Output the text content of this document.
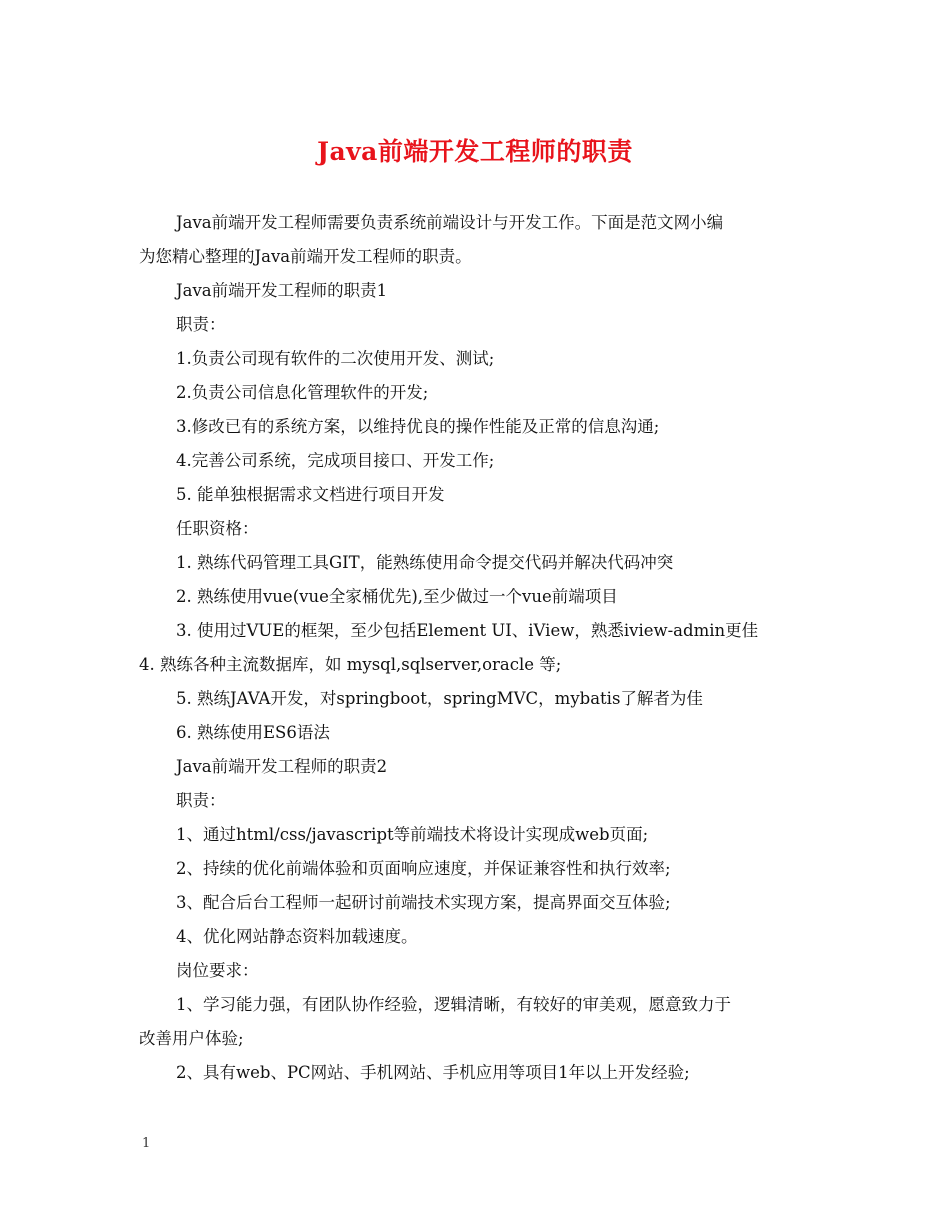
Java前端开发工程师的职责
Java前端开发工程师需要负责系统前端设计与开发工作。下面是范文网小编
为您精心整理的Java前端开发工程师的职责。
Java前端开发工程师的职责1
职责：
1.负责公司现有软件的二次使用开发、测试;
2.负责公司信息化管理软件的开发;
3.修改已有的系统方案，以维持优良的操作性能及正常的信息沟通;
4.完善公司系统，完成项目接口、开发工作;
5. 能单独根据需求文档进行项目开发
任职资格：
1. 熟练代码管理工具GIT，能熟练使用命令提交代码并解决代码冲突
2. 熟练使用vue(vue全家桶优先),至少做过一个vue前端项目
3. 使用过VUE的框架，至少包括Element UI、iView，熟悉iview-admin更佳
4. 熟练各种主流数据库，如 mysql,sqlserver,oracle 等;
5. 熟练JAVA开发，对springboot，springMVC，mybatis了解者为佳
6. 熟练使用ES6语法
Java前端开发工程师的职责2
职责：
1、通过html/css/javascript等前端技术将设计实现成web页面;
2、持续的优化前端体验和页面响应速度，并保证兼容性和执行效率;
3、配合后台工程师一起研讨前端技术实现方案，提高界面交互体验;
4、优化网站静态资料加载速度。
岗位要求：
1、学习能力强，有团队协作经验，逻辑清晰，有较好的审美观，愿意致力于
改善用户体验;
2、具有web、PC网站、手机网站、手机应用等项目1年以上开发经验;
1
